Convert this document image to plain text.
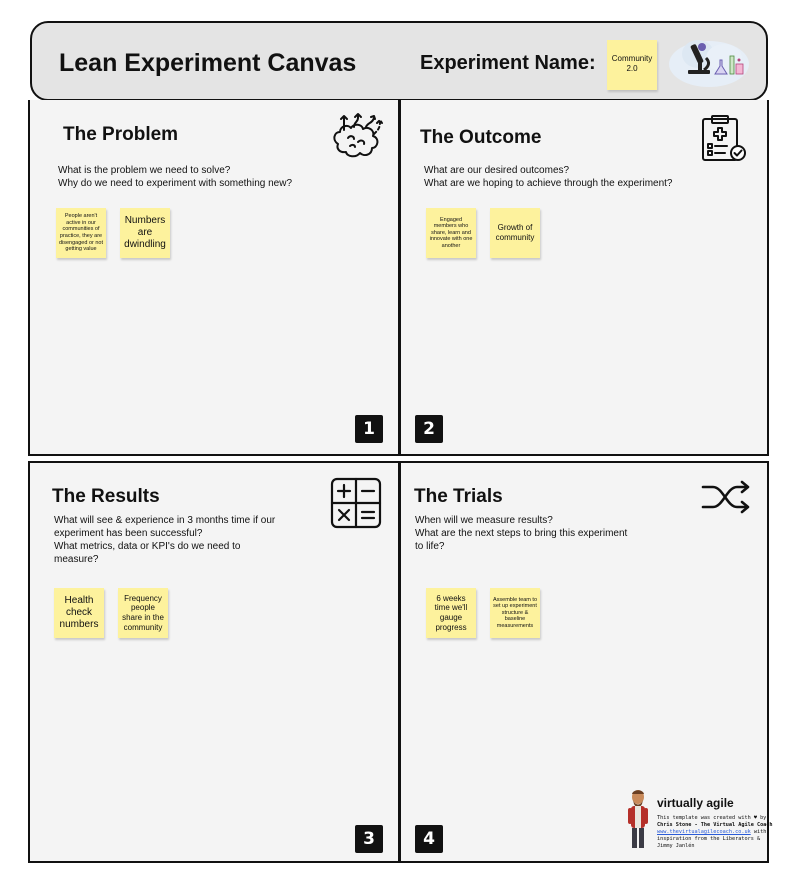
Lean Experiment Canvas	Experiment Name:	Community 2.0
The Problem
What is the problem we need to solve?
Why do we need to experiment with something new?
People aren't active in our communities of practice, they are disengaged or not getting value
Numbers are dwindling
1
The Outcome
What are our desired outcomes?
What are we hoping to achieve through the experiment?
Engaged members who share, learn and innovate with one another
Growth of community
2
The Results
What will see & experience in 3 months time if our
experiment has been successful?
What metrics, data or KPI's do we need to
measure?
Health check numbers
Frequency people share in the community
3
The Trials
When will we measure results?
What are the next steps to bring this experiment
to life?
6 weeks time we'll gauge progress
Assemble team to set up experiment structure & baseline measurements
4
virtually agile
This template was created with ♥ by
Chris Stone - The Virtual Agile Coach
www.thevirtualagilecoach.co.uk with
inspiration from the Liberators &
Jimmy Janlén
